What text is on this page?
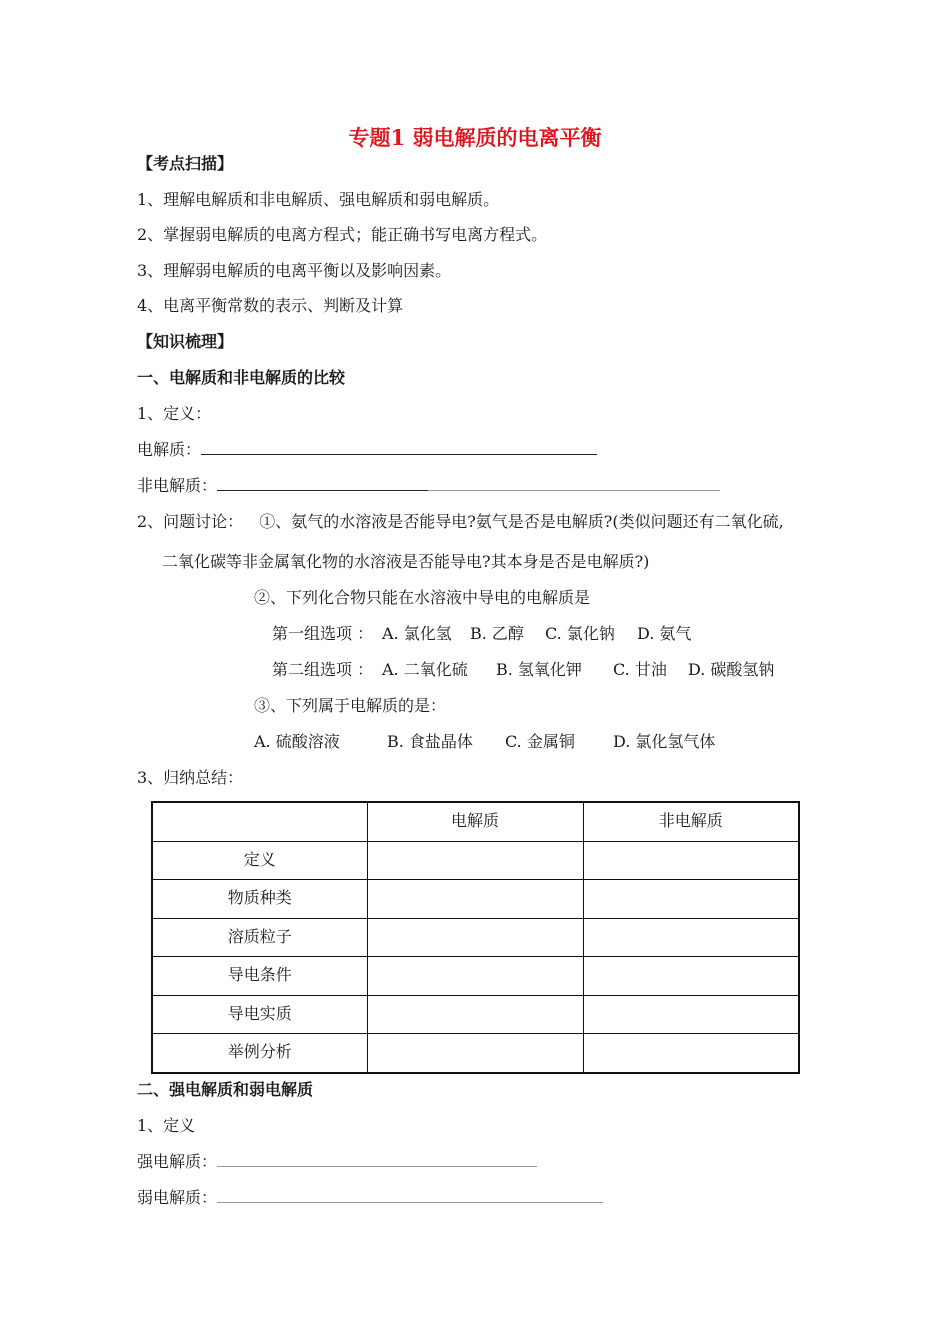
专题1 弱电解质的电离平衡
【考点扫描】
1、理解电解质和非电解质、强电解质和弱电解质。
2、掌握弱电解质的电离方程式；能正确书写电离方程式。
3、理解弱电解质的电离平衡以及影响因素。
4、电离平衡常数的表示、判断及计算
【知识梳理】
一、电解质和非电解质的比较
1、定义：
电解质：
非电解质：
2、问题讨论： ①、氨气的水溶液是否能导电?氨气是否是电解质?(类似问题还有二氧化硫,
二氧化碳等非金属氧化物的水溶液是否能导电?其本身是否是电解质?)
②、下列化合物只能在水溶液中导电的电解质是
第一组选项 ： A. 氯化氢 B. 乙醇 C. 氯化钠 D. 氨气
第二组选项 ： A. 二氧化硫 B. 氢氧化钾 C. 甘油 D. 碳酸氢钠
③、下列属于电解质的是：
A. 硫酸溶液	B. 食盐晶体 C. 金属铜 D. 氯化氢气体
3、归纳总结：
	电解质	非电解质
定义		
物质种类		
溶质粒子		
导电条件		
导电实质		
举例分析		
二、强电解质和弱电解质
1、定义
强电解质：
弱电解质：
